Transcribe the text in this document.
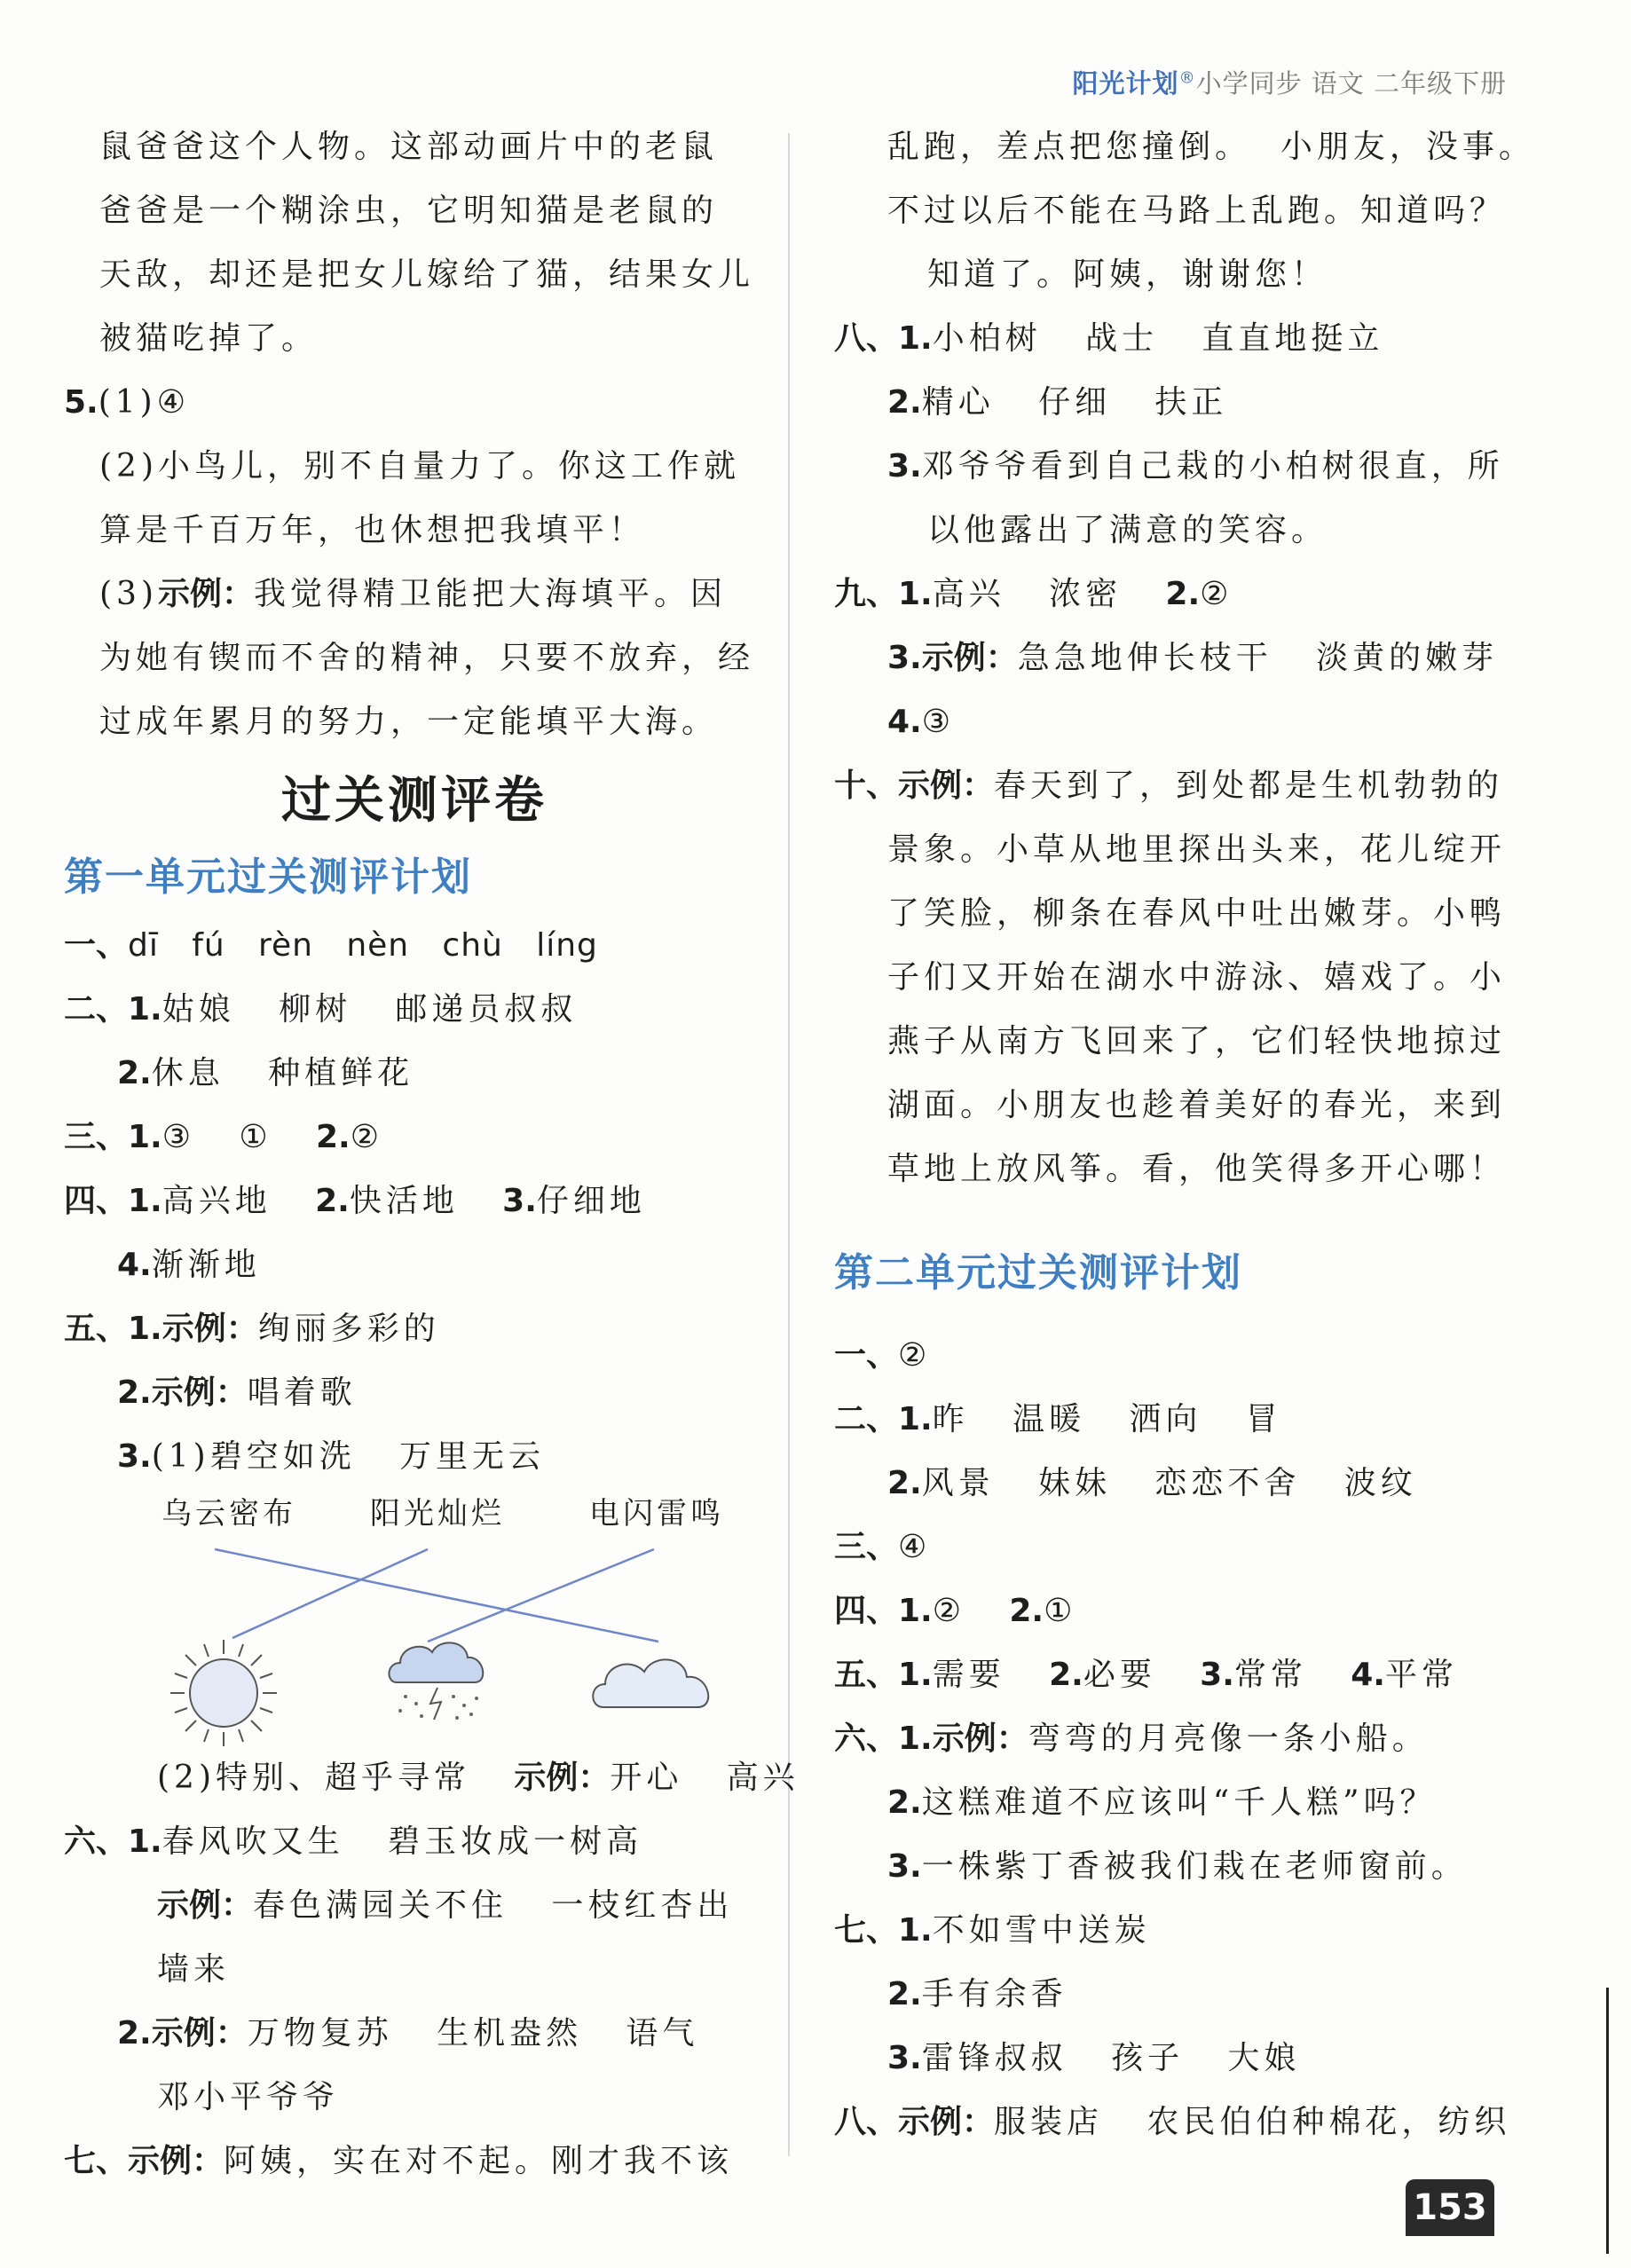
阳光计划®小学同步 语文 二年级下册
鼠爸爸这个人物。这部动画片中的老鼠
爸爸是一个糊涂虫，它明知猫是老鼠的
天敌，却还是把女儿嫁给了猫，结果女儿
被猫吃掉了。
5.(1)④
(2)小鸟儿，别不自量力了。你这工作就
算是千百万年，也休想把我填平！
(3)示例：我觉得精卫能把大海填平。因
为她有锲而不舍的精神，只要不放弃，经
过成年累月的努力，一定能填平大海。
过关测评卷
第一单元过关测评计划
一、dī   fú   rèn   nèn   chù   líng
二、1.姑娘   柳树   邮递员叔叔
2.休息   种植鲜花
三、1.③   ①   2.②
四、1.高兴地   2.快活地   3.仔细地
4.渐渐地
五、1.示例：绚丽多彩的
2.示例：唱着歌
3.(1)碧空如洗   万里无云
乌云密布 阳光灿烂	电闪雷鸣
(2)特别、超乎寻常   示例：开心   高兴
六、1.春风吹又生   碧玉妆成一树高
示例：春色满园关不住   一枝红杏出
墙来
2.示例：万物复苏   生机盎然   语气
邓小平爷爷
七、示例：阿姨，实在对不起。刚才我不该
乱跑，差点把您撞倒。  小朋友，没事。
不过以后不能在马路上乱跑。知道吗？
知道了。阿姨，谢谢您！
八、1.小柏树   战士   直直地挺立
2.精心   仔细   扶正
3.邓爷爷看到自己栽的小柏树很直，所
以他露出了满意的笑容。
九、1.高兴   浓密   2.②
3.示例：急急地伸长枝干   淡黄的嫩芽
4.③
十、示例：春天到了，到处都是生机勃勃的
景象。小草从地里探出头来，花儿绽开
了笑脸，柳条在春风中吐出嫩芽。小鸭
子们又开始在湖水中游泳、嬉戏了。小
燕子从南方飞回来了，它们轻快地掠过
湖面。小朋友也趁着美好的春光，来到
草地上放风筝。看，他笑得多开心哪！
第二单元过关测评计划
一、②
二、1.昨   温暖   洒向   冒
2.风景   妹妹   恋恋不舍   波纹
三、④
四、1.②   2.①
五、1.需要   2.必要   3.常常   4.平常
六、1.示例：弯弯的月亮像一条小船。
2.这糕难道不应该叫“千人糕”吗？
3.一株紫丁香被我们栽在老师窗前。
七、1.不如雪中送炭
2.手有余香
3.雷锋叔叔   孩子   大娘
八、示例：服装店   农民伯伯种棉花，纺织
153
